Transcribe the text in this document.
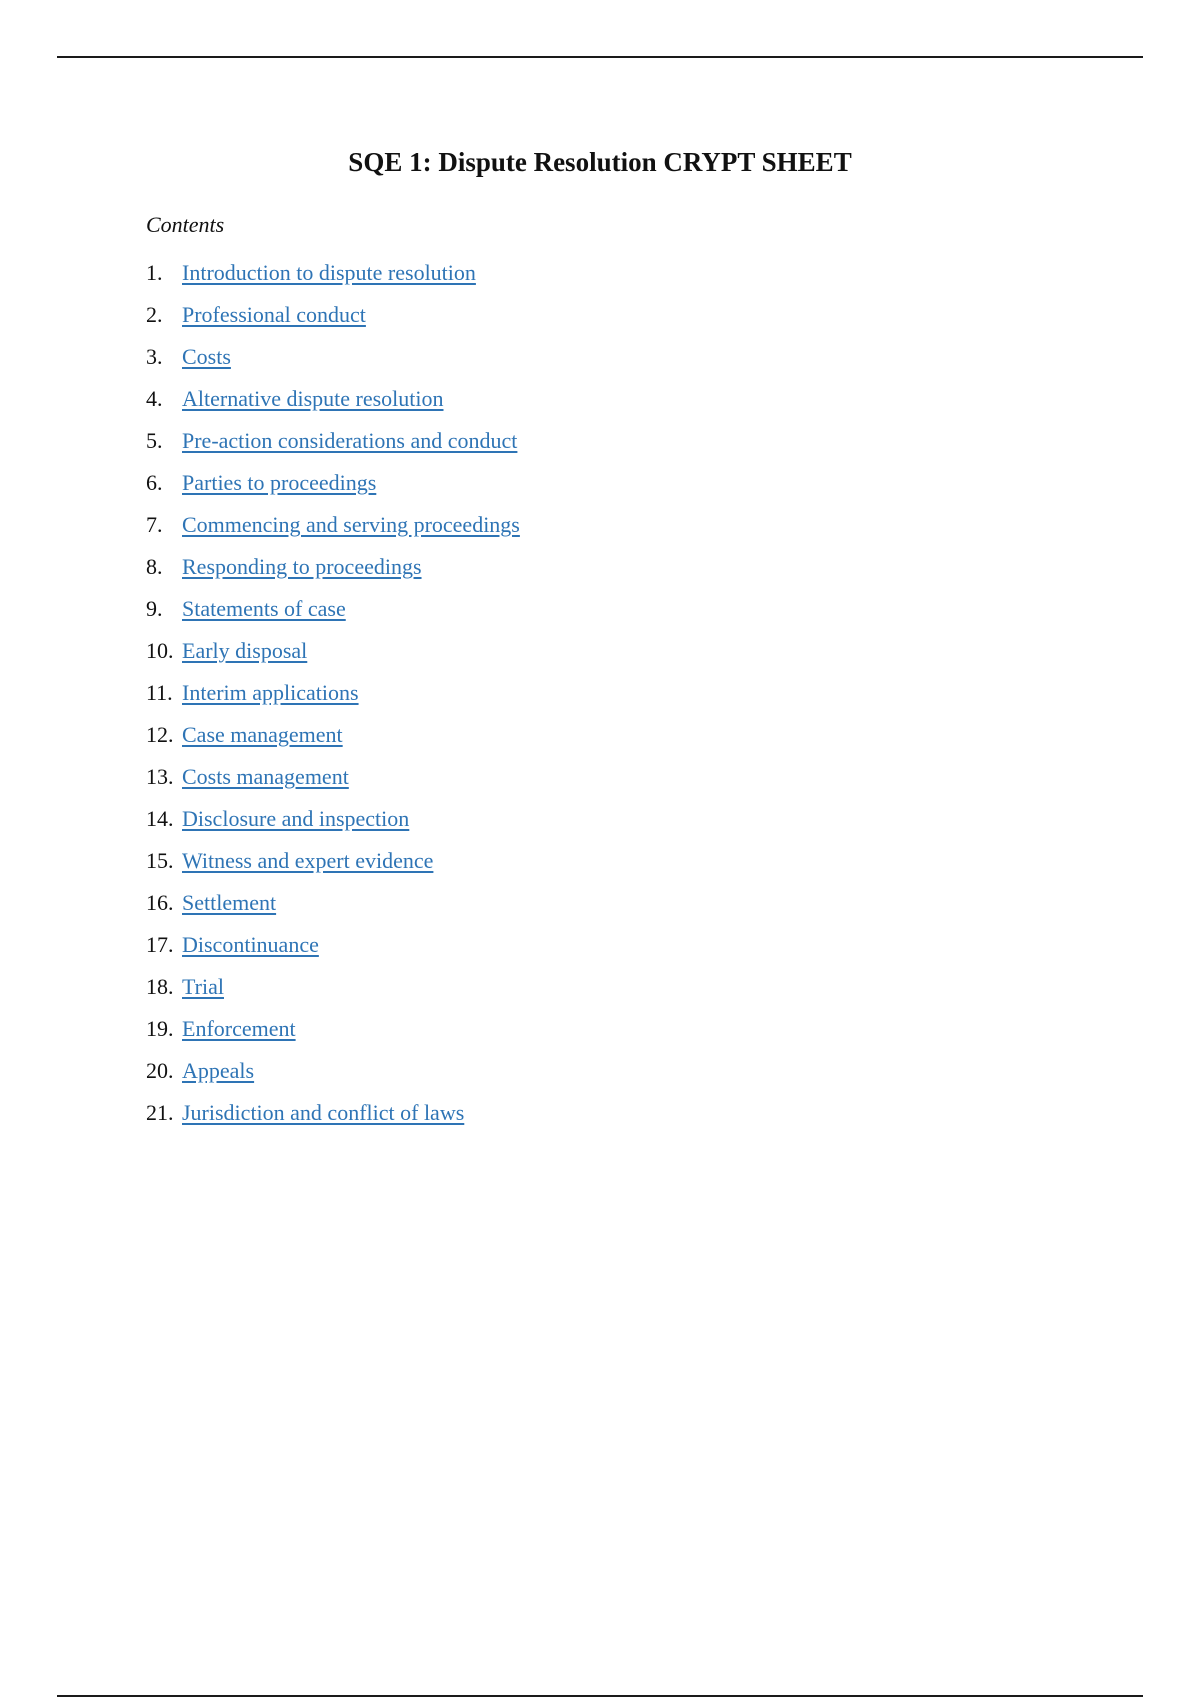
SQE 1: Dispute Resolution CRYPT SHEET

Contents

1. Introduction to dispute resolution
2. Professional conduct
3. Costs
4. Alternative dispute resolution
5. Pre-action considerations and conduct
6. Parties to proceedings
7. Commencing and serving proceedings
8. Responding to proceedings
9. Statements of case
10. Early disposal
11. Interim applications
12. Case management
13. Costs management
14. Disclosure and inspection
15. Witness and expert evidence
16. Settlement
17. Discontinuance
18. Trial
19. Enforcement
20. Appeals
21. Jurisdiction and conflict of laws
